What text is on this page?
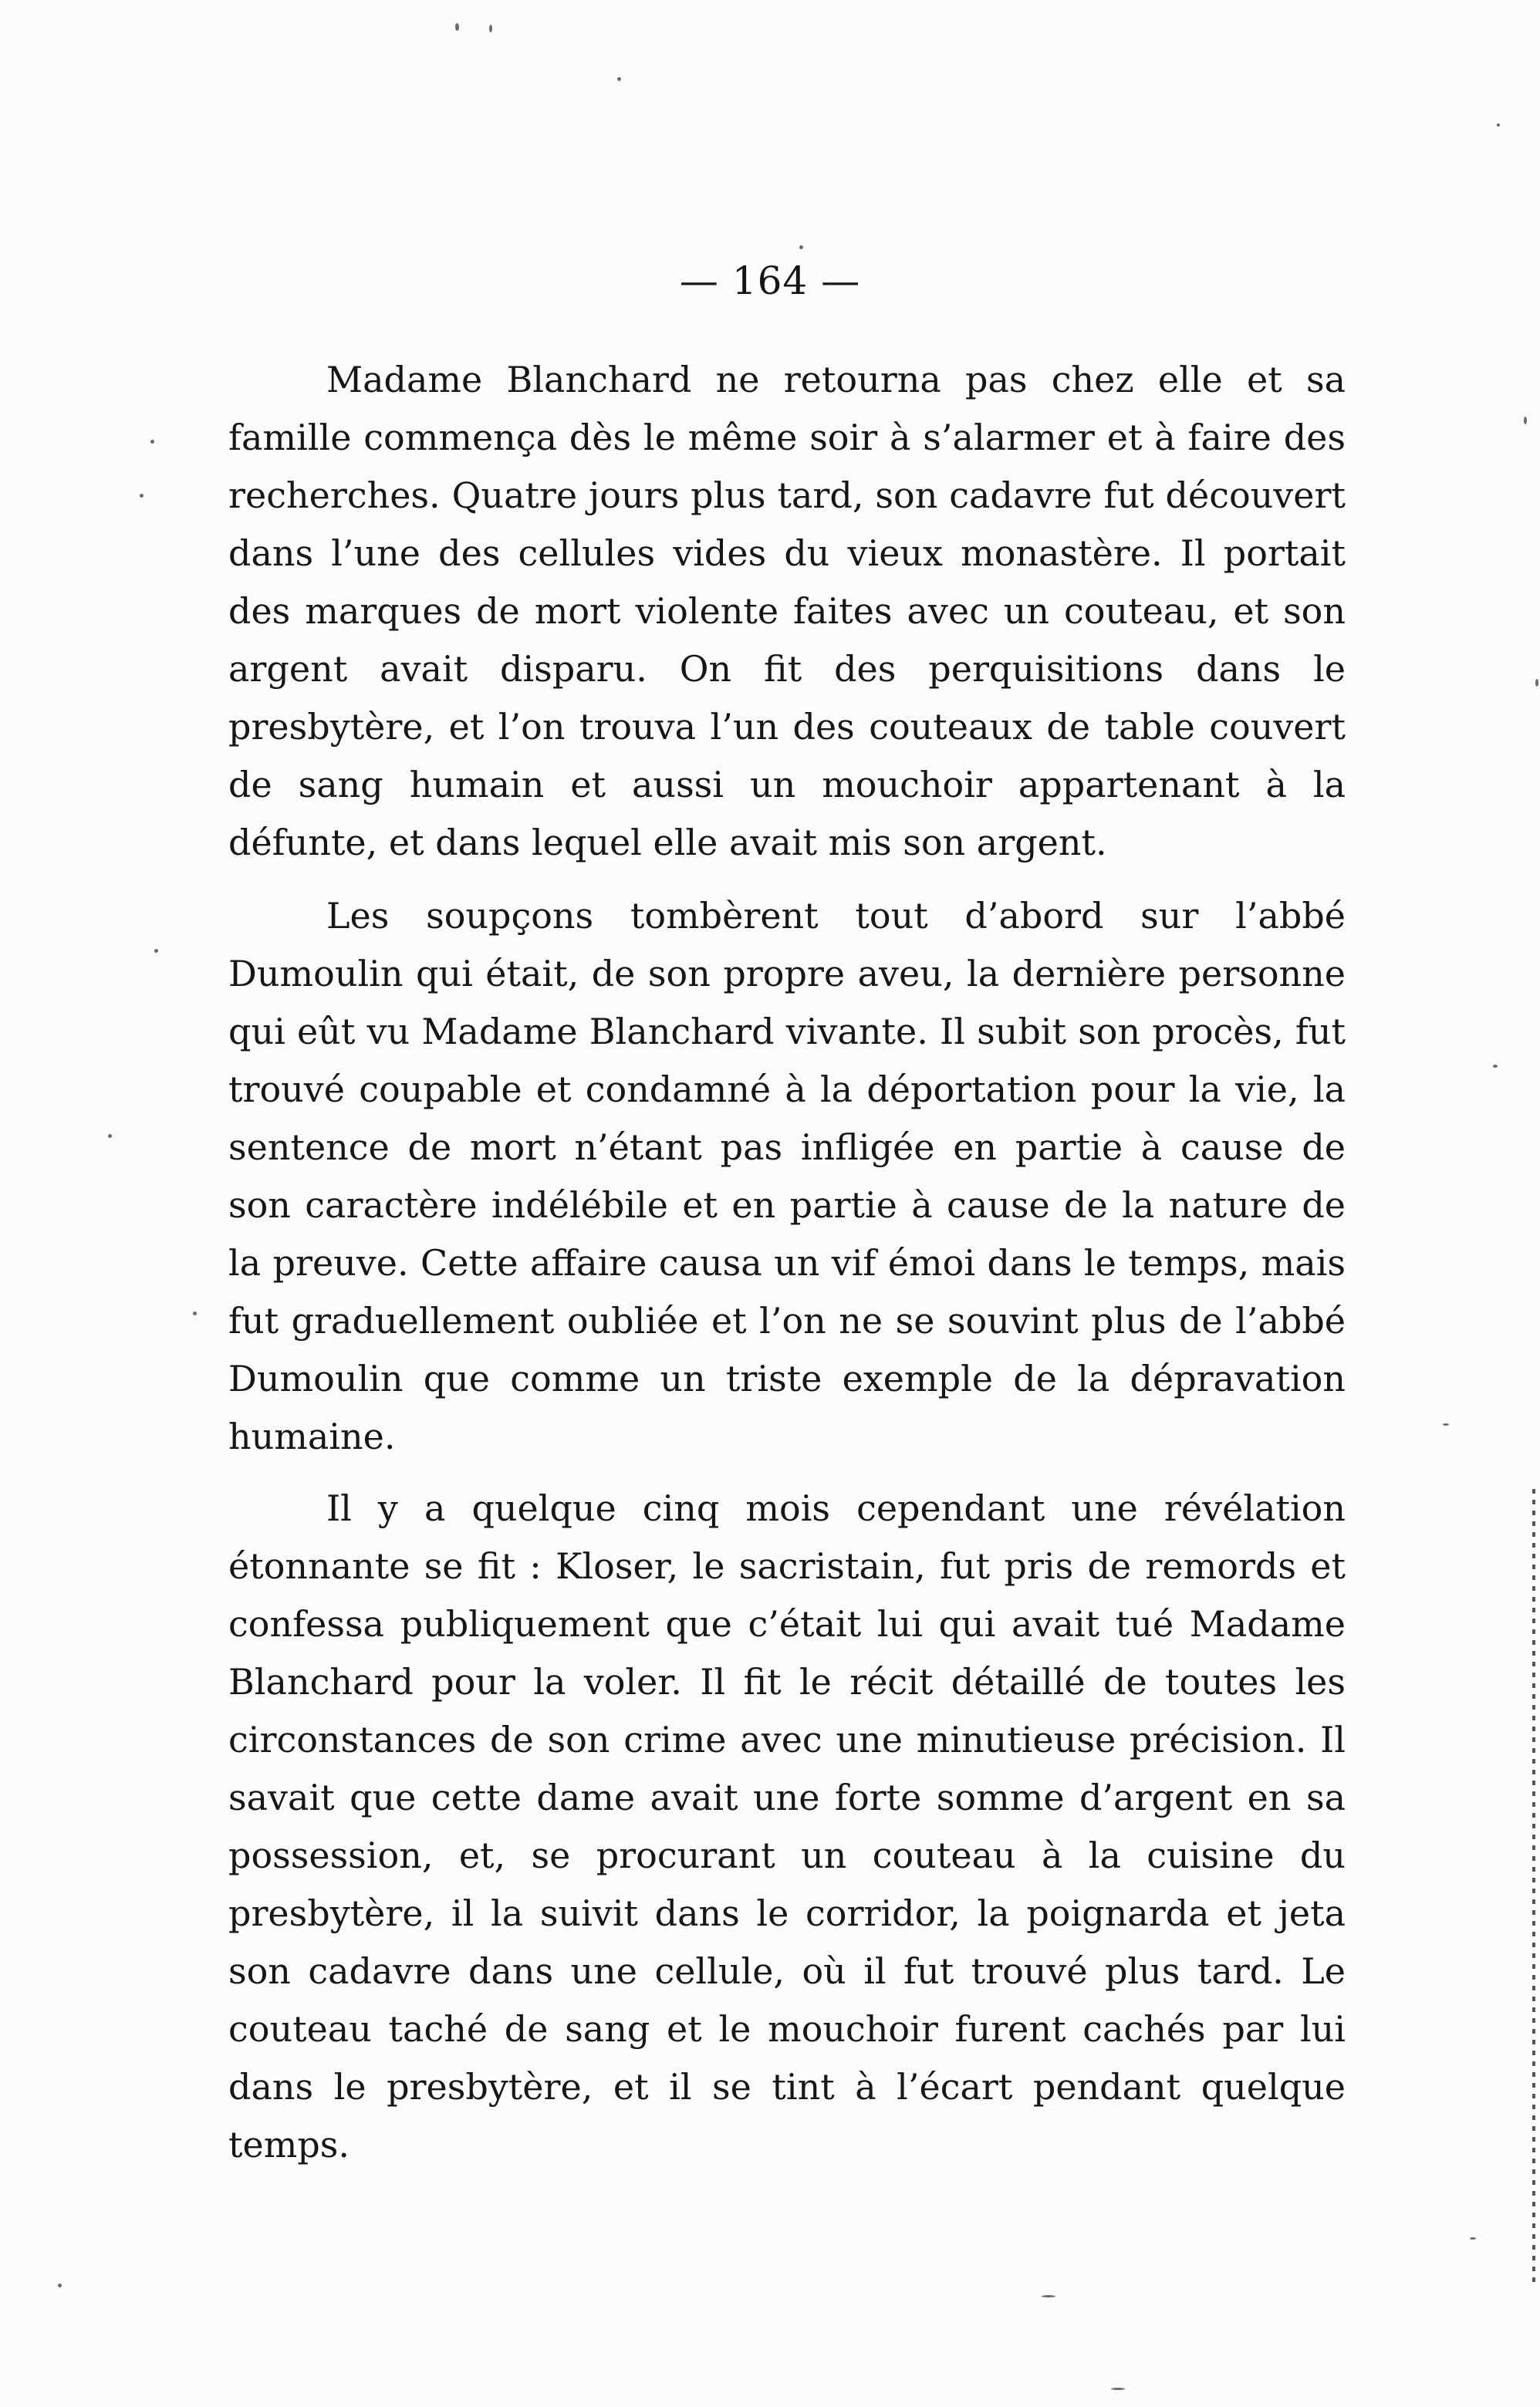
— 164 —

Madame Blanchard ne retourna pas chez elle et sa famille commença dès le même soir à s’alarmer et à faire des recherches. Quatre jours plus tard, son cadavre fut découvert dans l’une des cellules vides du vieux monastère. Il portait des marques de mort violente faites avec un couteau, et son argent avait disparu. On fit des perquisitions dans le presbytère, et l’on trouva l’un des couteaux de table couvert de sang humain et aussi un mouchoir appartenant à la défunte, et dans lequel elle avait mis son argent.

Les soupçons tombèrent tout d’abord sur l’abbé Dumoulin qui était, de son propre aveu, la dernière personne qui eût vu Madame Blanchard vivante. Il subit son procès, fut trouvé coupable et condamné à la déportation pour la vie, la sentence de mort n’étant pas infligée en partie à cause de son caractère indélébile et en partie à cause de la nature de la preuve. Cette affaire causa un vif émoi dans le temps, mais fut graduellement oubliée et l’on ne se souvint plus de l’abbé Dumoulin que comme un triste exemple de la dépravation humaine.

Il y a quelque cinq mois cependant une révélation étonnante se fit : Kloser, le sacristain, fut pris de remords et confessa publiquement que c’était lui qui avait tué Madame Blanchard pour la voler. Il fit le récit détaillé de toutes les circonstances de son crime avec une minutieuse précision. Il savait que cette dame avait une forte somme d’argent en sa possession, et, se procurant un couteau à la cuisine du presbytère, il la suivit dans le corridor, la poignarda et jeta son cadavre dans une cellule, où il fut trouvé plus tard. Le couteau taché de sang et le mouchoir furent cachés par lui dans le presbytère, et il se tint à l’écart pendant quelque temps.
